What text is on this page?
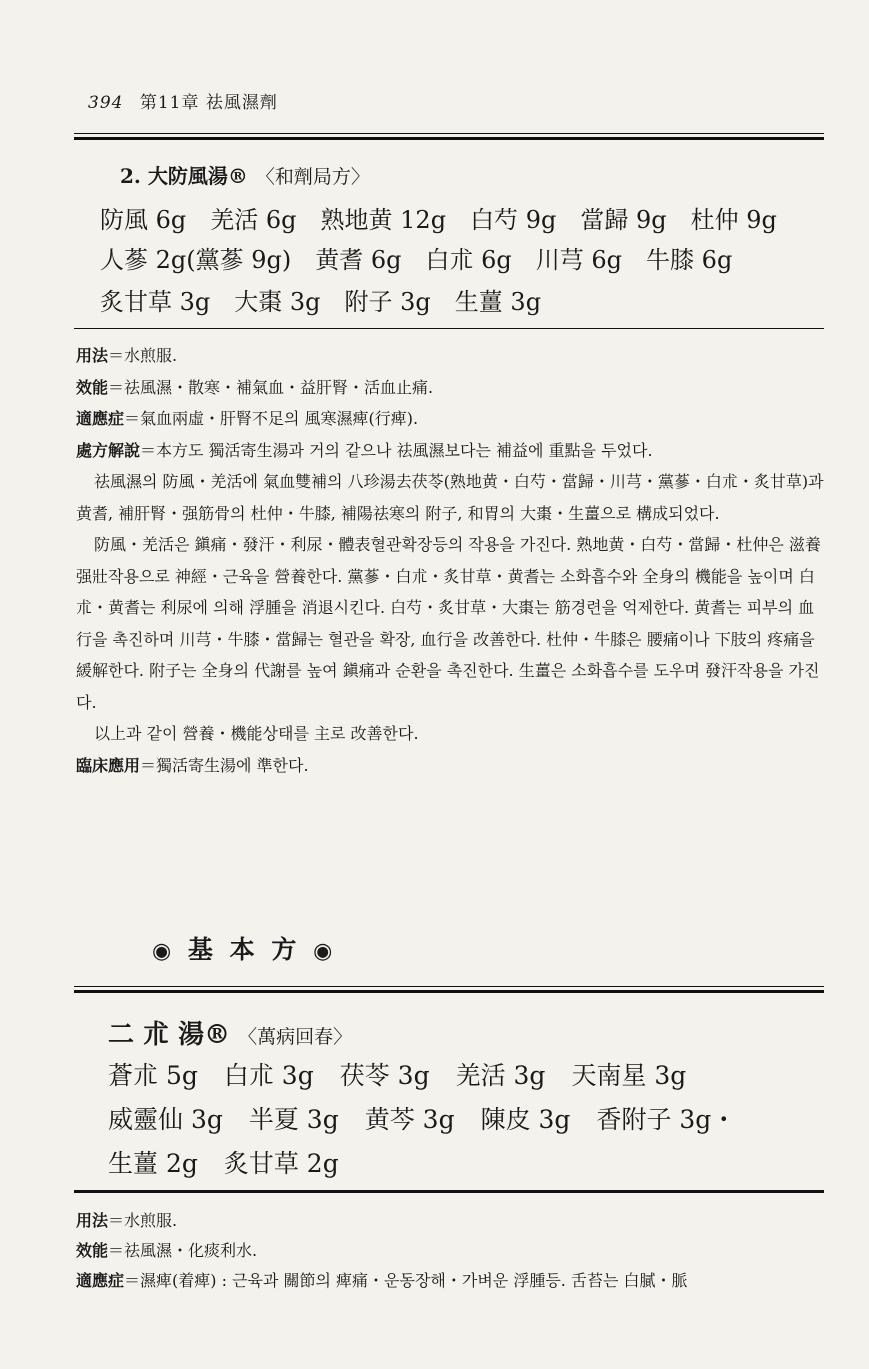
394 第11章 祛風濕劑
2. 大防風湯® 〈和劑局方〉
防風 6g 羌活 6g 熟地黄 12g 白芍 9g 當歸 9g 杜仲 9g
人蔘 2g(黨蔘 9g) 黄耆 6g 白朮 6g 川芎 6g 牛膝 6g
炙甘草 3g 大棗 3g 附子 3g 生薑 3g

用法＝水煎服.

效能＝祛風濕・散寒・補氣血・益肝腎・活血止痛.

適應症＝氣血兩虛・肝腎不足의 風寒濕痺(行痺).

處方解說＝本方도 獨活寄生湯과 거의 같으나 祛風濕보다는 補益에 重點을 두었다.

祛風濕의 防風・羌活에 氣血雙補의 八珍湯去茯苓(熟地黄・白芍・當歸・川芎・黨蔘・白朮・炙甘草)과 黄耆, 補肝腎・强筋骨의 杜仲・牛膝, 補陽祛寒의 附子, 和胃의 大棗・生薑으로 構成되었다.

防風・羌活은 鎭痛・發汗・利尿・體表혈관확장등의 작용을 가진다. 熟地黄・白芍・當歸・杜仲은 滋養强壯작용으로 神經・근육을 營養한다. 黨蔘・白朮・炙甘草・黄耆는 소화흡수와 全身의 機能을 높이며 白朮・黄耆는 利尿에 의해 浮腫을 消退시킨다. 白芍・炙甘草・大棗는 筋경련을 억제한다. 黄耆는 피부의 血行을 촉진하며 川芎・牛膝・當歸는 혈관을 확장, 血行을 改善한다. 杜仲・牛膝은 腰痛이나 下肢의 疼痛을 緩解한다. 附子는 全身의 代謝를 높여 鎭痛과 순환을 촉진한다. 生薑은 소화흡수를 도우며 發汗작용을 가진다.

以上과 같이 營養・機能상태를 主로 改善한다.

臨床應用＝獨活寄生湯에 準한다.

◉ 基 本 方 ◉
二 朮 湯® 〈萬病回春〉
蒼朮 5g 白朮 3g 茯苓 3g 羌活 3g 天南星 3g
威靈仙 3g 半夏 3g 黄芩 3g 陳皮 3g 香附子 3g・
生薑 2g 炙甘草 2g

用法＝水煎服.

效能＝祛風濕・化痰利水.

適應症＝濕痺(着痺) : 근육과 關節의 痺痛・운동장해・가벼운 浮腫등. 舌苔는 白膩・脈
